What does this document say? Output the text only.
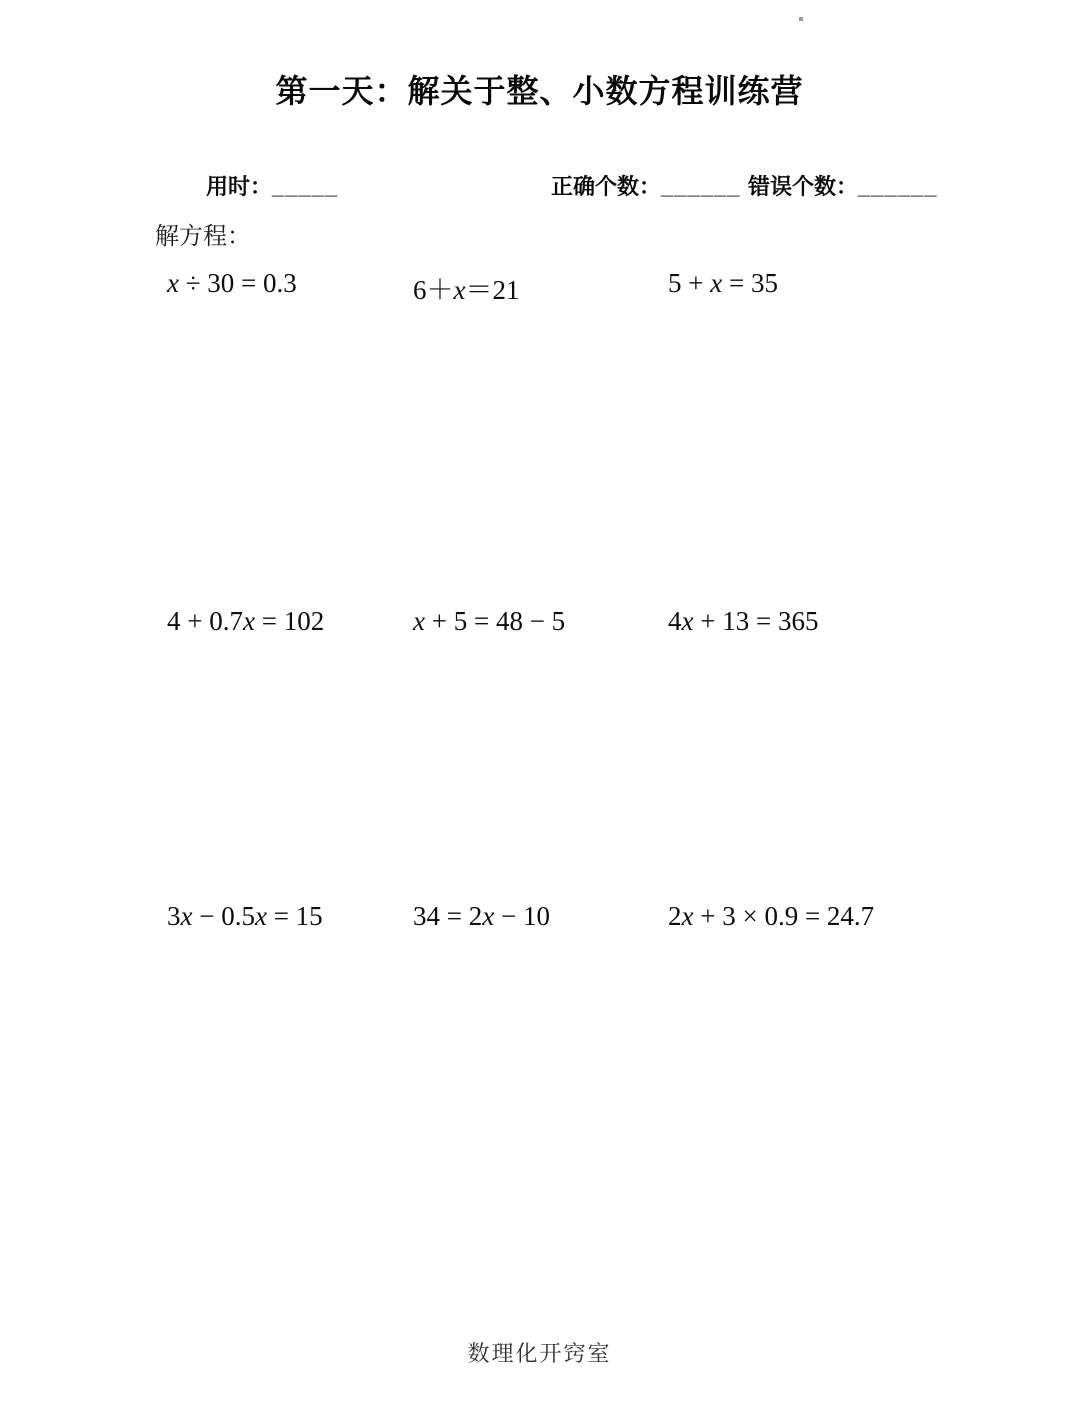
第一天：解关于整、小数方程训练营
用时：_____	正确个数：______ 错误个数：______
解方程：
x ÷ 30 = 0.3	6＋x＝21	5 + x = 35
4 + 0.7x = 102	x + 5 = 48 − 5	4x + 13 = 365
3x − 0.5x = 15	34 = 2x − 10	2x + 3 × 0.9 = 24.7
数理化开窍室
